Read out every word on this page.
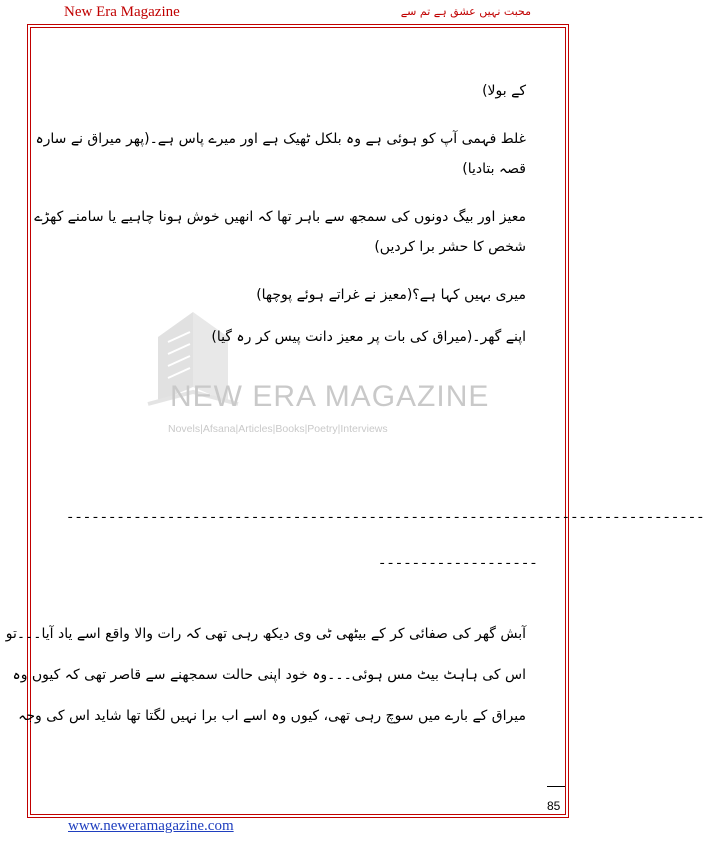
New Era Magazine	محبت نہیں عشق ہے تم سے
NEW ERA MAGAZINE
Novels|Afsana|Articles|Books|Poetry|Interviews
کے بولا)
غلط فہمی آپ کو ہوئی ہے وہ بلکل ٹھیک ہے اور میرے پاس ہے۔(پھر میراق نے سارہ
قصہ بتادیا)
معیز اور بیگ دونوں کی سمجھ سے باہر تھا کہ انھیں خوش ہونا چاہیے یا سامنے کھڑے
شخص کا حشر برا کردیں)
میری بہیں کہا ہے؟(معیز نے غراتے ہوئے پوچھا)
اپنے گھر۔(میراق کی بات پر معیز دانت پیس کر رہ گیا)
----------------------------------------------------------------------------
-------------------
آبش گھر کی صفائی کر کے بیٹھی ٹی وی دیکھ رہی تھی کہ رات والا واقع اسے یاد آیا۔۔۔تو
اس کی ہاہٹ بیٹ مس ہوئی۔۔۔وہ خود اپنی حالت سمجھنے سے قاصر تھی کہ کیوں وہ
میراق کے بارے میں سوچ رہی تھی، کیوں وہ اسے اب برا نہیں لگتا تھا شاید اس کی وجہ
85
www.neweramagazine.com
